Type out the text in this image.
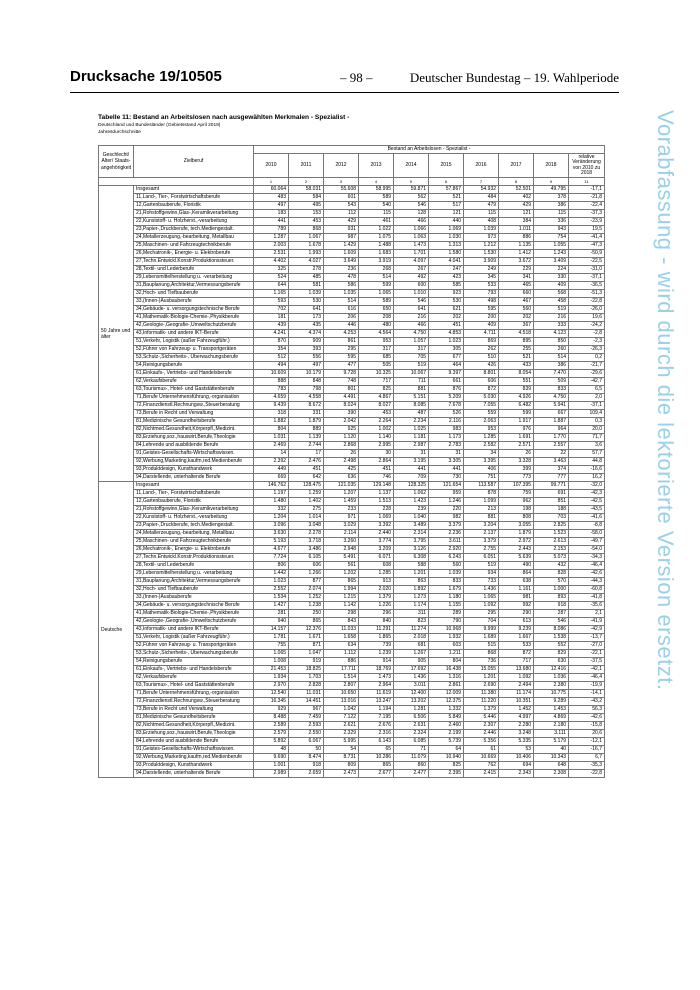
Drucksache 19/10505	– 98 –	Deutscher Bundestag – 19. Wahlperiode
Tabelle 11: Bestand an Arbeitslosen nach ausgewählten Merkmalen - Spezialist -
Deutschland und Bundesländer (Gebietsstand April 2019)
Jahresdurchschnitte
Geschlecht/ Alter/ Staats-angehörigkeit	Zielberuf	Bestand an Arbeitslosen - Spezialist -									
		2010	2011	2012	2013	2014	2015	2016	2017	2018	relative Veränderung von 2010 zu 2018
		1	2	3	4	5	6	7	8	9	11
50 Jahre und älter	Insgesamt	60.064	58.031	55.608	58.995	59.871	57.867	54.932	52.501	49.795	-17,1
	11,Land-, Tier-, Forstwirtschaftsberufe	483	584	601	589	562	521	484	402	378	-21,8
	12,Gartenbauberufe, Floristik	497	495	543	540	546	517	479	429	386	-22,4
	21,Rohstoffgewinn,Glas-,Keramikverarbeitung	183	153	112	115	128	121	115	121	115	-37,3
	22,Kunststoff- u. Holzherst.,-verarbeitung	441	453	429	461	466	440	408	384	336	-23,9
	23,Papier-,Druckberufe, tech.Mediengestalt.	789	868	931	1.022	1.066	1.069	1.039	1.011	943	19,5
	24,Metallerzeugung,-bearbeitung, Metallbau	1.287	1.067	987	1.075	1.063	1.030	973	886	754	-41,4
	25,Maschinen- und Fahrzeugtechnikberufe	2.003	1.678	1.429	1.488	1.473	1.313	1.212	1.135	1.055	-47,3
	26,Mechatronik-, Energie- u. Elektroberufe	2.531	1.993	1.609	1.683	1.701	1.580	1.530	1.412	1.243	-50,9
	27,Techn.Entwickl.Konstr.Produktionssteuer.	4.402	4.027	3.649	3.919	4.097	4.041	3.909	3.672	3.409	-22,5
	28,Textil- und Lederberufe	325	278	236	268	267	247	249	229	224	-31,0
	29,Lebensmittelherstellung u. -verarbeitung	524	485	478	514	492	423	345	341	330	-37,1
	31,Bauplanung,Architektur,Vermessungsberufe	644	581	586	599	600	585	533	465	409	-36,5
	32,Hoch- und Tiefbauberufe	1.165	1.039	1.035	1.065	1.010	923	793	660	568	-51,3
	33,(Innen-)Ausbauberufe	593	530	514	589	546	530	498	467	458	-22,8
	34,Gebäude- u. versorgungstechnische Berufe	702	641	616	650	641	621	595	560	519	-26,0
	41,Mathematik-Biologie-Chemie-,Physikberufe	181	173	206	208	216	202	200	202	216	19,6
	42,Geologie-,Geografie-,Umweltschutzberufe	439	435	446	480	466	451	409	367	333	-24,2
	43,Informatik- und andere IKT-Berufe	4.241	4.374	4.253	4.564	4.750	4.853	4.711	4.518	4.123	-2,8
	51,Verkehr, Logistik (außer Fahrzeugführ.)	870	909	861	953	1.057	1.023	869	895	850	-2,3
	52,Führer von Fahrzeug- u. Transportgeräten	354	393	295	317	317	305	262	255	260	-26,3
	53,Schutz-,Sicherheits-, Überwachungsberufe	512	556	595	685	705	677	510	521	514	0,2
	54,Reinigungsberufe	494	497	477	505	519	464	426	433	386	-21,7
	61,Einkaufs-, Vertriebs- und Handelsberufe	10.609	10.179	9.728	10.325	10.067	9.397	8.801	8.054	7.470	-29,6
	62,Verkaufsberufe	888	848	748	717	711	661	606	551	509	-42,7
	63,Tourismus-, Hotel- und Gaststättenberufe	783	798	801	825	881	876	872	839	833	6,5
	71,Berufe Unternehmensführung,-organisation	4.659	4.558	4.491	4.867	5.151	5.209	5.030	4.926	4.750	2,0
	72,Finanzdienstl.Rechnungsw.,Steuerberatung	9.439	8.672	8.024	8.027	8.085	7.678	7.055	6.482	5.941	-37,1
	73,Berufe in Recht und Verwaltung	318	331	390	453	487	526	559	599	667	109,4
	81,Medizinische Gesundheitsberufe	1.882	1.879	2.042	2.264	2.234	2.116	2.063	1.917	1.887	0,3
	82,Nichtmed.Gesundheit,Körperpfl.,Medizint.	804	889	925	1.002	1.025	983	953	976	964	20,0
	83,Erziehung,soz.,hauswirt.Berufe,Theologie	1.031	1.139	1.120	1.140	1.181	1.173	1.285	1.691	1.770	71,7
	84,Lehrende und ausbildende Berufe	2.469	2.744	2.868	2.995	2.987	2.783	2.582	2.571	2.557	3,6
	91,Geistes-Gesellschafts-Wirtschaftswissen.	14	17	26	30	31	31	34	26	22	57,7
	92,Werbung,Marketing,kaufm,red.Medienberufe	2.392	2.476	2.498	2.864	3.195	3.305	3.395	3.328	3.463	44,8
	93,Produktdesign, Kunsthandwerk	449	451	425	451	441	441	406	399	374	-16,6
	94,Darstellende, unterhaltende Berufe	669	642	636	746	709	730	751	773	777	16,2
Deutsche	Insgesamt	146.762	128.475	121.035	129.148	128.325	121.654	113.587	107.395	99.771	-32,0
	11,Land-, Tier-, Forstwirtschaftsberufe	1.197	1.259	1.207	1.137	1.062	959	878	759	691	-42,3
	12,Gartenbauberufe, Floristik	1.480	1.402	1.459	1.513	1.423	1.246	1.099	962	851	-42,5
	21,Rohstoffgewinn,Glas-,Keramikverarbeitung	332	275	233	228	239	220	213	198	188	-43,5
	22,Kunststoff- u. Holzherst.,-verarbeitung	1.204	1.014	971	1.069	1.040	982	881	808	703	-41,6
	23,Papier-,Druckberufe, tech.Mediengestalt.	3.096	3.048	3.029	3.392	3.489	3.379	3.204	3.055	2.825	-8,8
	24,Metallerzeugung,-bearbeitung, Metallbau	3.630	2.278	2.114	2.440	2.314	2.236	2.137	1.879	1.523	-58,0
	25,Maschinen- und Fahrzeugtechnikberufe	5.193	3.718	3.260	3.774	3.795	3.611	3.379	2.972	2.613	-49,7
	26,Mechatronik-, Energie- u. Elektroberufe	4.677	3.486	2.948	3.209	3.126	2.920	2.755	2.443	2.153	-54,0
	27,Techn.Entwickl.Konstr.Produktionssteuer.	7.724	6.105	5.491	6.071	6.308	6.243	6.051	5.639	5.073	-34,3
	28,Textil- und Lederberufe	806	606	561	608	588	560	519	490	432	-46,4
	29,Lebensmittelherstellung u. -verarbeitung	1.442	1.266	1.202	1.285	1.201	1.039	934	864	828	-42,6
	31,Bauplanung,Architektur,Vermessungsberufe	1.023	877	865	913	863	833	733	638	570	-44,3
	32,Hoch- und Tiefbauberufe	2.552	2.074	1.994	2.020	1.892	1.679	1.436	1.161	1.000	-60,8
	33,(Innen-)Ausbauberufe	1.534	1.252	1.215	1.379	1.273	1.180	1.065	981	893	-41,8
	34,Gebäude- u. versorgungstechnische Berufe	1.427	1.238	1.142	1.226	1.174	1.155	1.092	992	918	-35,6
	41,Mathematik-Biologie-Chemie-,Physikberufe	281	250	298	296	311	289	295	290	287	2,1
	42,Geologie-,Geografie-,Umweltschutzberufe	940	865	843	840	823	790	704	613	546	-41,9
	43,Informatik- und andere IKT-Berufe	14.157	12.376	11.033	11.291	11.274	10.968	9.999	9.239	8.086	-42,9
	51,Verkehr, Logistik (außer Fahrzeugführ.)	1.781	1.671	1.658	1.865	2.018	1.932	1.689	1.667	1.538	-13,7
	52,Führer von Fahrzeug- u. Transportgeräten	755	871	634	739	681	603	515	533	552	-27,0
	53,Schutz-,Sicherheits-, Überwachungsberufe	1.065	1.047	1.112	1.239	1.267	1.211	868	872	829	-22,1
	54,Reinigungsberufe	1.008	919	886	914	905	804	736	717	630	-37,5
	61,Einkaufs-, Vertriebs- und Handelsberufe	21.453	18.825	17.711	18.769	17.692	16.438	15.055	13.680	12.416	-42,1
	62,Verkaufsberufe	1.934	1.703	1.514	1.473	1.436	1.316	1.201	1.092	1.036	-46,4
	63,Tourismus-, Hotel- und Gaststättenberufe	2.970	2.828	2.807	2.964	3.011	2.861	2.690	2.494	2.380	-19,9
	71,Berufe Unternehmensführung,-organisation	12.540	11.031	10.650	11.619	12.400	12.009	11.380	11.174	10.775	-14,1
	72,Finanzdienstl.Rechnungsw.,Steuerberatung	16.345	14.451	13.016	13.247	13.202	12.375	11.220	10.351	9.289	-43,2
	73,Berufe in Recht und Verwaltung	929	967	1.042	1.194	1.281	1.332	1.379	1.452	1.453	56,3
	81,Medizinische Gesundheitsberufe	8.488	7.459	7.122	7.195	6.506	5.849	5.446	4.997	4.869	-42,6
	82,Nichtmed.Gesundheit,Körperpfl.,Medizint.	2.589	2.593	2.621	2.676	2.631	2.460	2.307	2.280	2.180	-15,8
	83,Erziehung,soz.,hauswirt.Berufe,Theologie	2.579	2.550	2.329	2.316	2.324	2.199	2.446	3.248	3.111	20,6
	84,Lehrende und ausbildende Berufe	5.892	6.067	5.995	6.143	6.085	5.739	5.356	5.335	5.179	-12,1
	91,Geistes-Gesellschafts-Wirtschaftswissen.	48	50	54	65	71	64	61	53	40	-16,7
	92,Werbung,Marketing,kaufm,red.Medienberufe	9.690	8.474	8.731	10.286	11.079	10.940	10.669	10.406	10.343	6,7
	93,Produktdesign, Kunsthandwerk	1.001	918	809	865	860	825	762	694	648	-35,3
	94,Darstellende, unterhaltende Berufe	2.989	2.659	2.473	2.677	2.477	2.395	2.415	2.343	2.308	-22,8
Vorabfassung - wird durch die lektorierte Version ersetzt.
